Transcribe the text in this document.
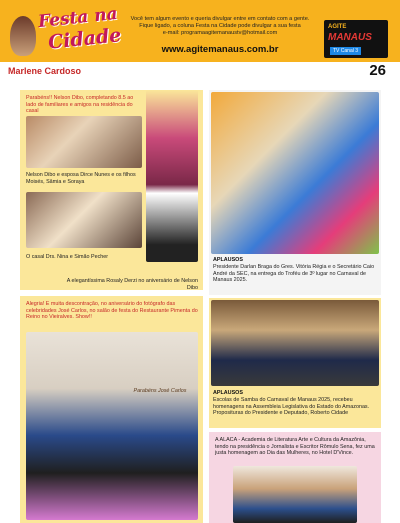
Festa na
Cidade
Você tem algum evento e queria divulgar entre em contato com a gente.
Fique ligado, a coluna Festa na Cidade pode divulgar a sua festa
e-mail: programaagitemanaustv@hotmail.com
www.agitemanaus.com.br
AGITE
MANAUS
TV Canal 3
Marlene Cardoso	26
Parabéns!! Nelson Dibo, completando 8.5 ao lado de familiares e amigos na residência do casal
Nelson Dibo e esposa Dirce Nunes e os filhos Moisés, Sâmia e Soraya
O casal Drs. Nina e Simão Pecher
A elegantíssima Rosaly Derzi no aniversário de Nelson Dibo
APLAUSOS
Presidente Darlan Braga do Gres. Vitória Régia e o Secretário Caio André da SEC, na entrega do Troféu de 3º lugar no Carnaval de Manaus 2025.
Alegria! E muita descontração, no aniversário do fotógrafo das celebridades José Carlos, no salão de festa do Restaurante Pimenta do Reino no Vieiralves. Show!!
Parabéns José Carlos	APLAUSOS
Escolas de Samba do Carnaval de Manaus 2025, recebeu homenagens na Assembleia Legislativa do Estado do Amazonas. Proposituras do Presidente e Deputado, Roberto Cidade
A ALACA - Academia de Literatura Arte e Cultura da Amazônia, tendo na presidência o Jornalista e Escritor Rômulo Sena, fez uma justa homenagem ao Dia das Mulheres, no Hotel D'Vince.
